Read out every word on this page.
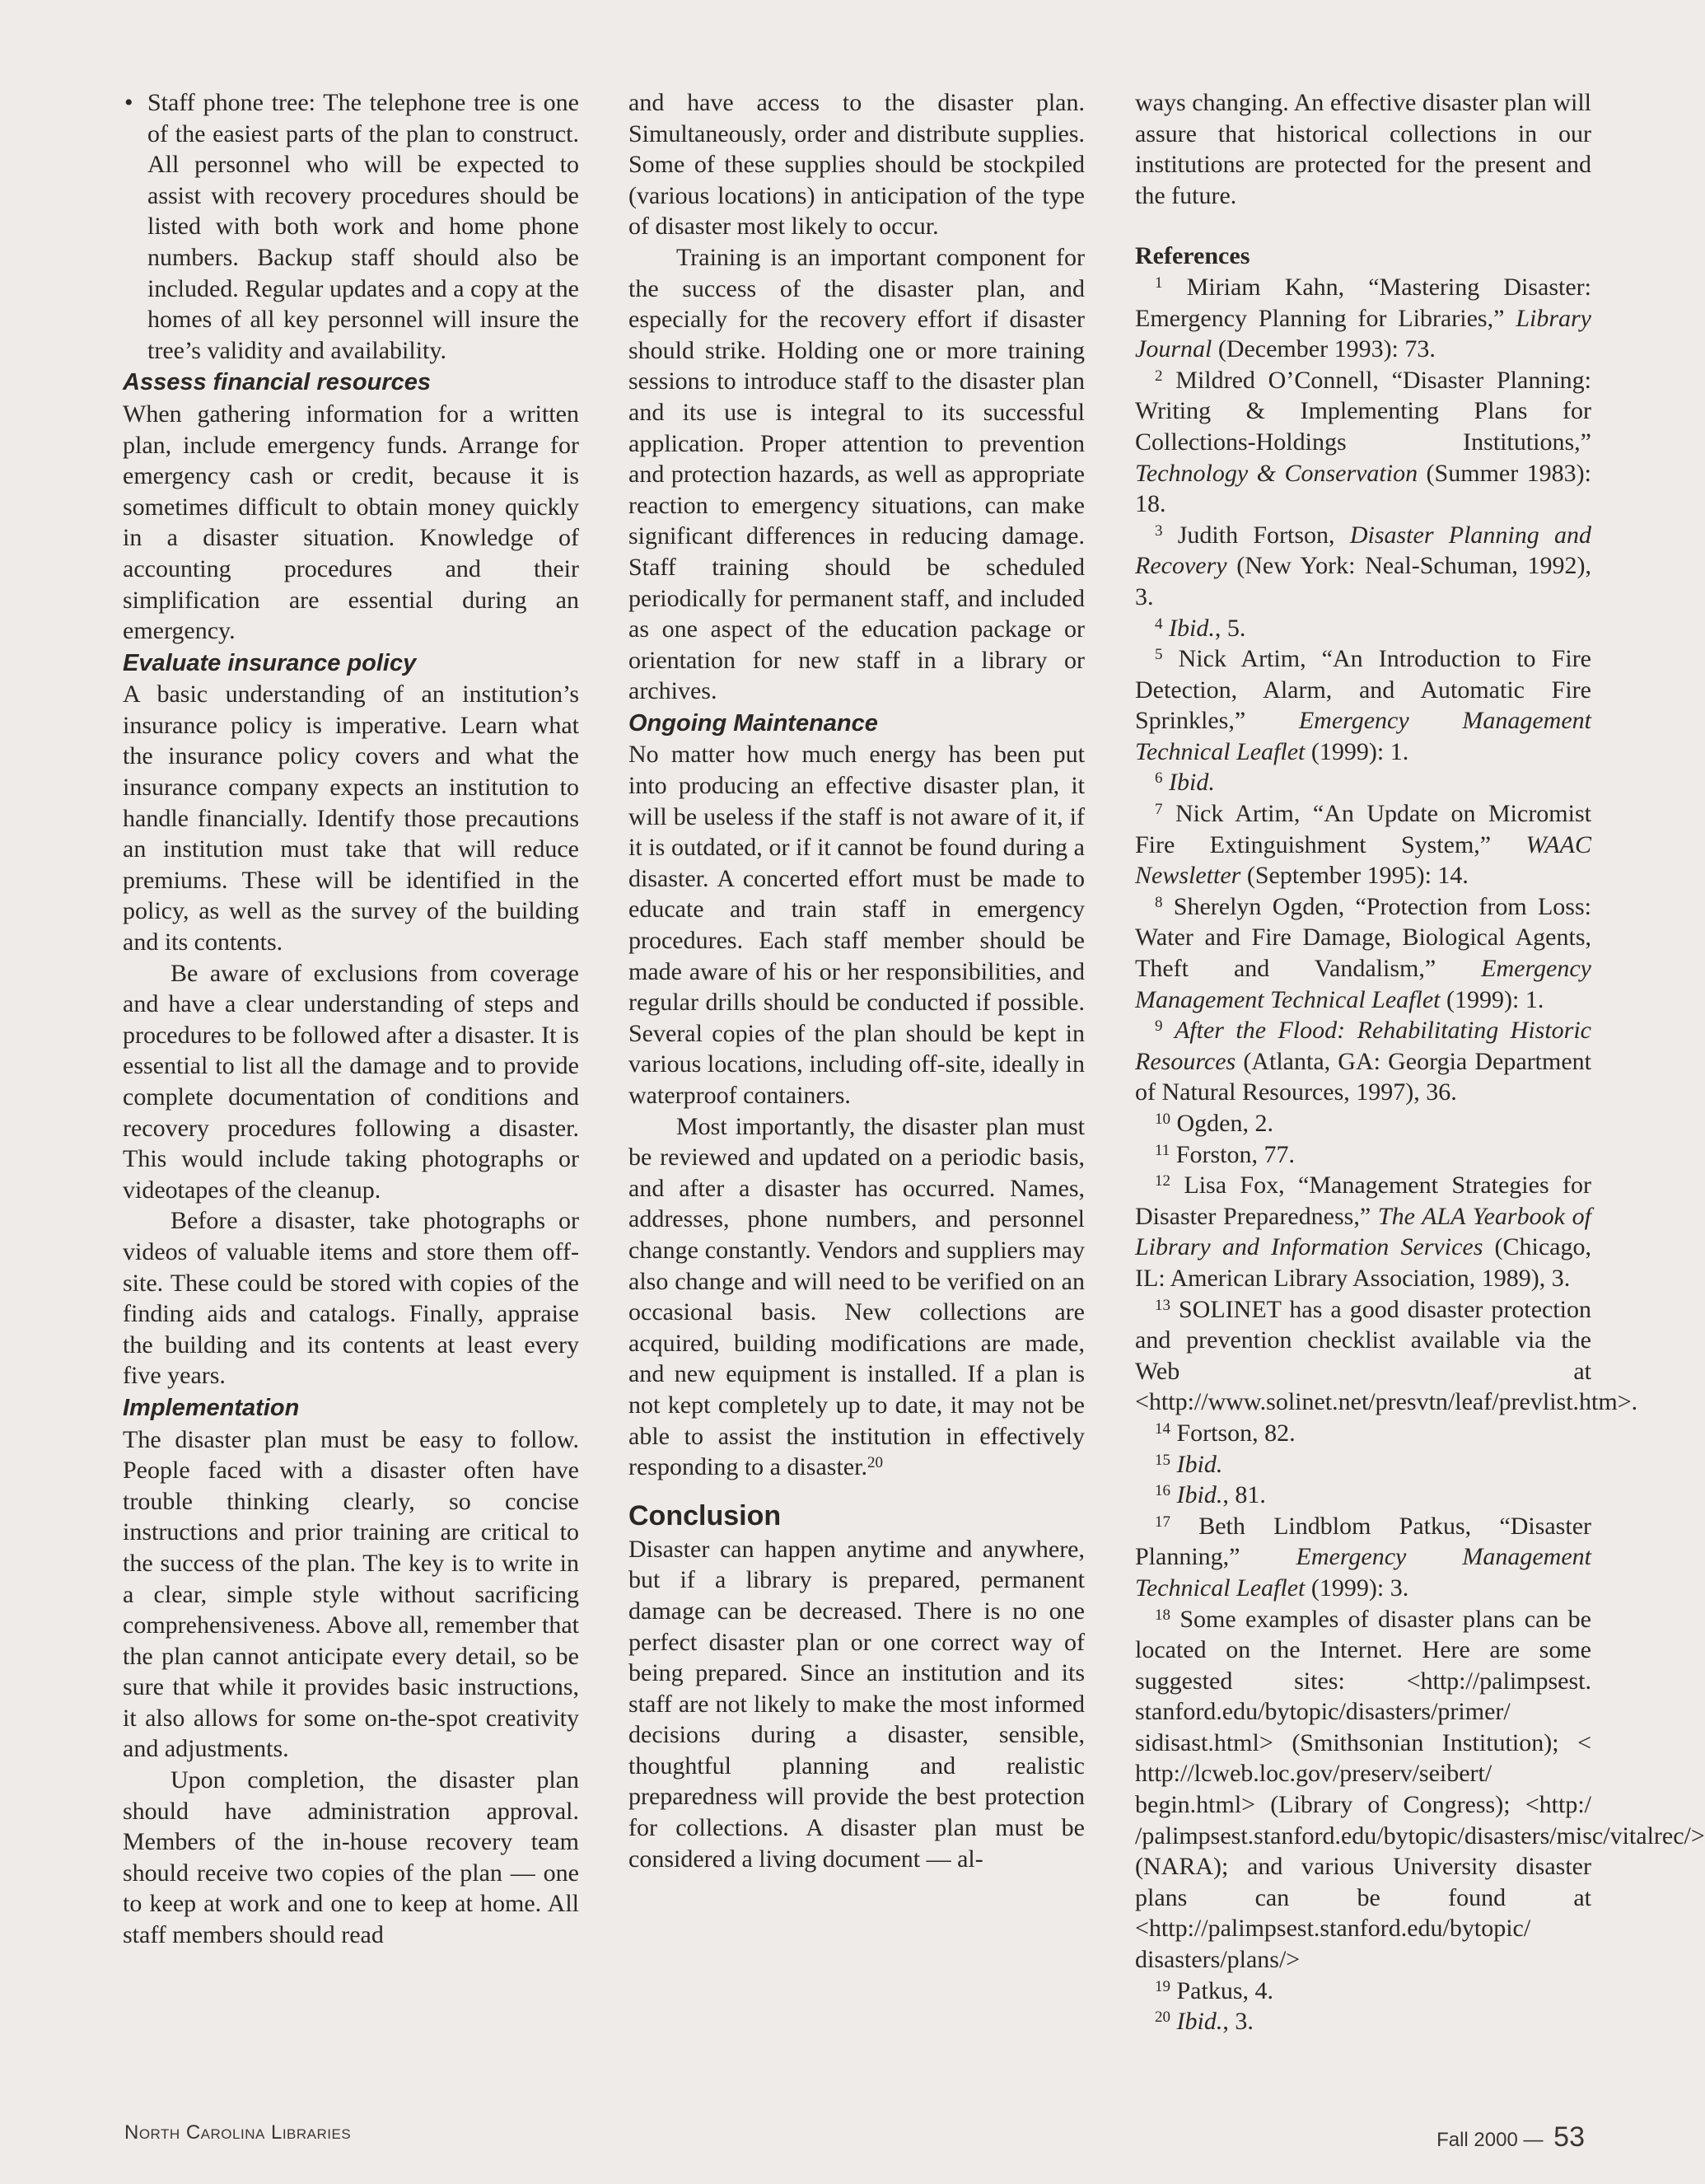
• Staff phone tree: The telephone tree is one of the easiest parts of the plan to construct. All personnel who will be expected to assist with recovery procedures should be listed with both work and home phone numbers. Backup staff should also be included. Regular updates and a copy at the homes of all key personnel will insure the tree’s validity and availability.
Assess financial resources
When gathering information for a written plan, include emergency funds. Arrange for emergency cash or credit, because it is sometimes difficult to obtain money quickly in a disaster situation. Knowledge of accounting procedures and their simplification are essential during an emergency.
Evaluate insurance policy
A basic understanding of an institution’s insurance policy is imperative. Learn what the insurance policy covers and what the insurance company expects an institution to handle financially. Identify those precautions an institution must take that will reduce premiums. These will be identified in the policy, as well as the survey of the building and its contents.
Be aware of exclusions from coverage and have a clear understanding of steps and procedures to be followed after a disaster. It is essential to list all the damage and to provide complete documentation of conditions and recovery procedures following a disaster. This would include taking photographs or videotapes of the cleanup.
Before a disaster, take photographs or videos of valuable items and store them off-site. These could be stored with copies of the finding aids and catalogs. Finally, appraise the building and its contents at least every five years.
Implementation
The disaster plan must be easy to follow. People faced with a disaster often have trouble thinking clearly, so concise instructions and prior training are critical to the success of the plan. The key is to write in a clear, simple style without sacrificing comprehensiveness. Above all, remember that the plan cannot anticipate every detail, so be sure that while it provides basic instructions, it also allows for some on-the-spot creativity and adjustments.
Upon completion, the disaster plan should have administration approval. Members of the in-house recovery team should receive two copies of the plan — one to keep at work and one to keep at home. All staff members should read
and have access to the disaster plan. Simultaneously, order and distribute supplies. Some of these supplies should be stockpiled (various locations) in anticipation of the type of disaster most likely to occur.
Training is an important component for the success of the disaster plan, and especially for the recovery effort if disaster should strike. Holding one or more training sessions to introduce staff to the disaster plan and its use is integral to its successful application. Proper attention to prevention and protection hazards, as well as appropriate reaction to emergency situations, can make significant differences in reducing damage. Staff training should be scheduled periodically for permanent staff, and included as one aspect of the education package or orientation for new staff in a library or archives.
Ongoing Maintenance
No matter how much energy has been put into producing an effective disaster plan, it will be useless if the staff is not aware of it, if it is outdated, or if it cannot be found during a disaster. A concerted effort must be made to educate and train staff in emergency procedures. Each staff member should be made aware of his or her responsibilities, and regular drills should be conducted if possible. Several copies of the plan should be kept in various locations, including off-site, ideally in waterproof containers.
Most importantly, the disaster plan must be reviewed and updated on a periodic basis, and after a disaster has occurred. Names, addresses, phone numbers, and personnel change constantly. Vendors and suppliers may also change and will need to be verified on an occasional basis. New collections are acquired, building modifications are made, and new equipment is installed. If a plan is not kept completely up to date, it may not be able to assist the institution in effectively responding to a disaster.$^{20}$
Conclusion
Disaster can happen anytime and anywhere, but if a library is prepared, permanent damage can be decreased. There is no one perfect disaster plan or one correct way of being prepared. Since an institution and its staff are not likely to make the most informed decisions during a disaster, sensible, thoughtful planning and realistic preparedness will provide the best protection for collections. A disaster plan must be considered a living document — al-
ways changing. An effective disaster plan will assure that historical collections in our institutions are protected for the present and the future.
References
$^1$ Miriam Kahn, “Mastering Disaster: Emergency Planning for Libraries,” Library Journal (December 1993): 73.
$^2$ Mildred O’Connell, “Disaster Planning: Writing & Implementing Plans for Collections-Holdings Institutions,” Technology & Conservation (Summer 1983): 18.
$^3$ Judith Fortson, Disaster Planning and Recovery (New York: Neal-Schuman, 1992), 3.
$^4$ Ibid., 5.
$^5$ Nick Artim, “An Introduction to Fire Detection, Alarm, and Automatic Fire Sprinkles,” Emergency Management Technical Leaflet (1999): 1.
$^6$ Ibid.
$^7$ Nick Artim, “An Update on Micromist Fire Extinguishment System,” WAAC Newsletter (September 1995): 14.
$^8$ Sherelyn Ogden, “Protection from Loss: Water and Fire Damage, Biological Agents, Theft and Vandalism,” Emergency Management Technical Leaflet (1999): 1.
$^9$ After the Flood: Rehabilitating Historic Resources (Atlanta, GA: Georgia Department of Natural Resources, 1997), 36.
$^{10}$ Ogden, 2.
$^{11}$ Forston, 77.
$^{12}$ Lisa Fox, “Management Strategies for Disaster Preparedness,” The ALA Yearbook of Library and Information Services (Chicago, IL: American Library Association, 1989), 3.
$^{13}$ SOLINET has a good disaster protection and prevention checklist available via the Web at <http://www.solinet.net/presvtn/leaf/prevlist.htm>.
$^{14}$ Fortson, 82.
$^{15}$ Ibid.
$^{16}$ Ibid., 81.
$^{17}$ Beth Lindblom Patkus, “Disaster Planning,” Emergency Management Technical Leaflet (1999): 3.
$^{18}$ Some examples of disaster plans can be located on the Internet. Here are some suggested sites: <http://palimpsest. stanford.edu/bytopic/disasters/primer/ sidisast.html> (Smithsonian Institution); < http://lcweb.loc.gov/preserv/seibert/ begin.html> (Library of Congress); <http:/ /palimpsest.stanford.edu/bytopic/disasters/misc/vitalrec/> (NARA); and various University disaster plans can be found at <http://palimpsest.stanford.edu/bytopic/ disasters/plans/>
$^{19}$ Patkus, 4.
$^{20}$ Ibid., 3.
North Carolina Libraries	Fall 2000 — 53
